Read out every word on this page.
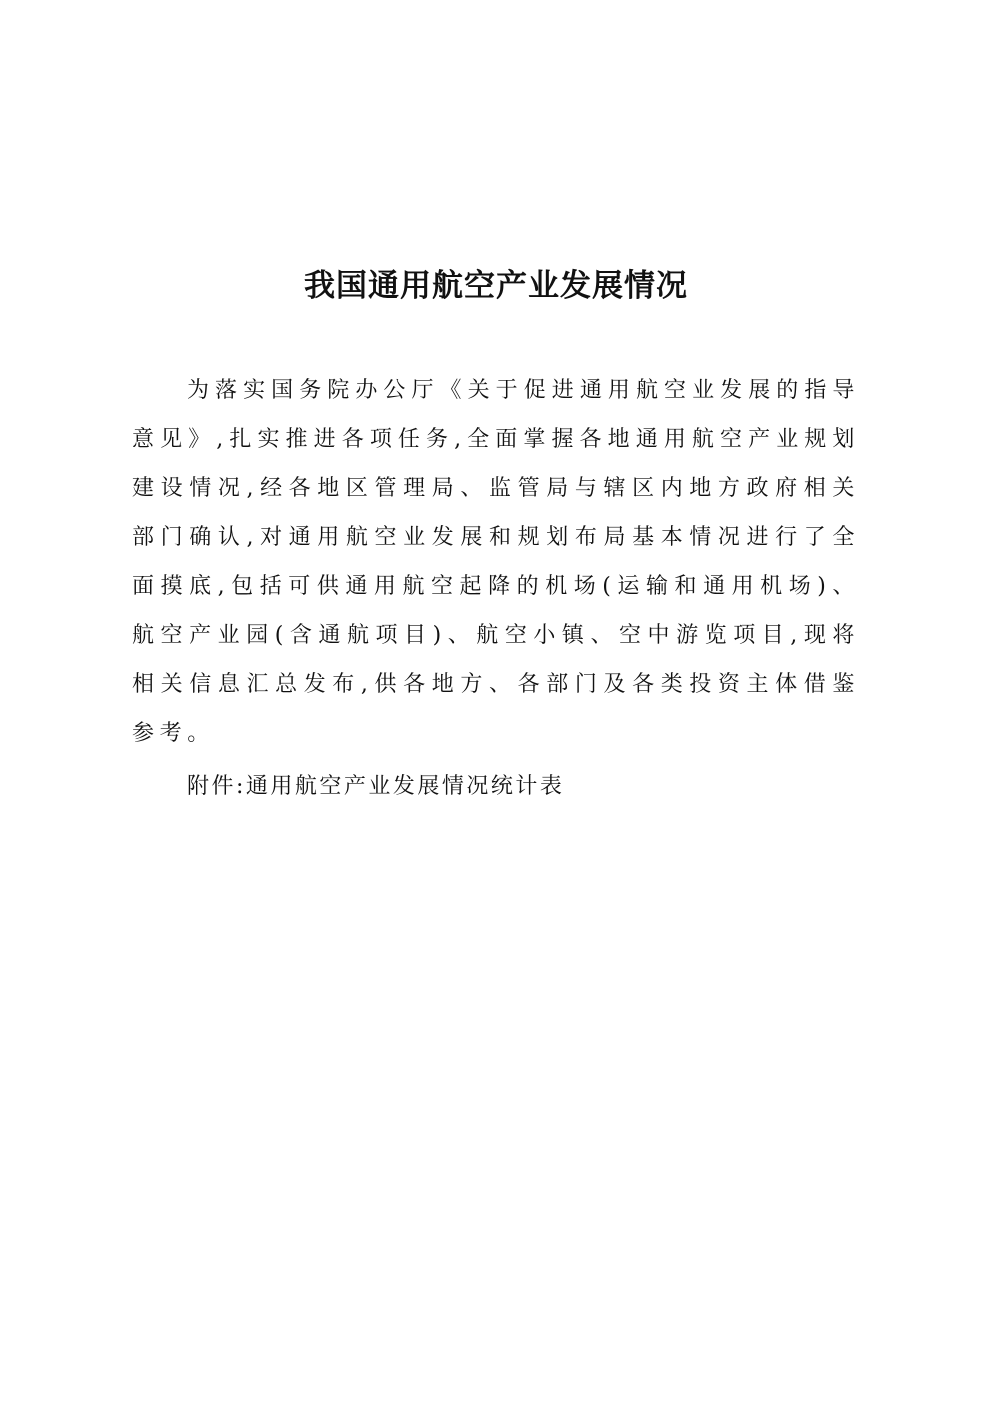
我国通用航空产业发展情况

为落实国务院办公厅《关于促进通用航空业发展的指导意见》,扎实推进各项任务,全面掌握各地通用航空产业规划建设情况,经各地区管理局、监管局与辖区内地方政府相关部门确认,对通用航空业发展和规划布局基本情况进行了全面摸底,包括可供通用航空起降的机场(运输和通用机场)、航空产业园(含通航项目)、航空小镇、空中游览项目,现将相关信息汇总发布,供各地方、各部门及各类投资主体借鉴参考。

附件:通用航空产业发展情况统计表
